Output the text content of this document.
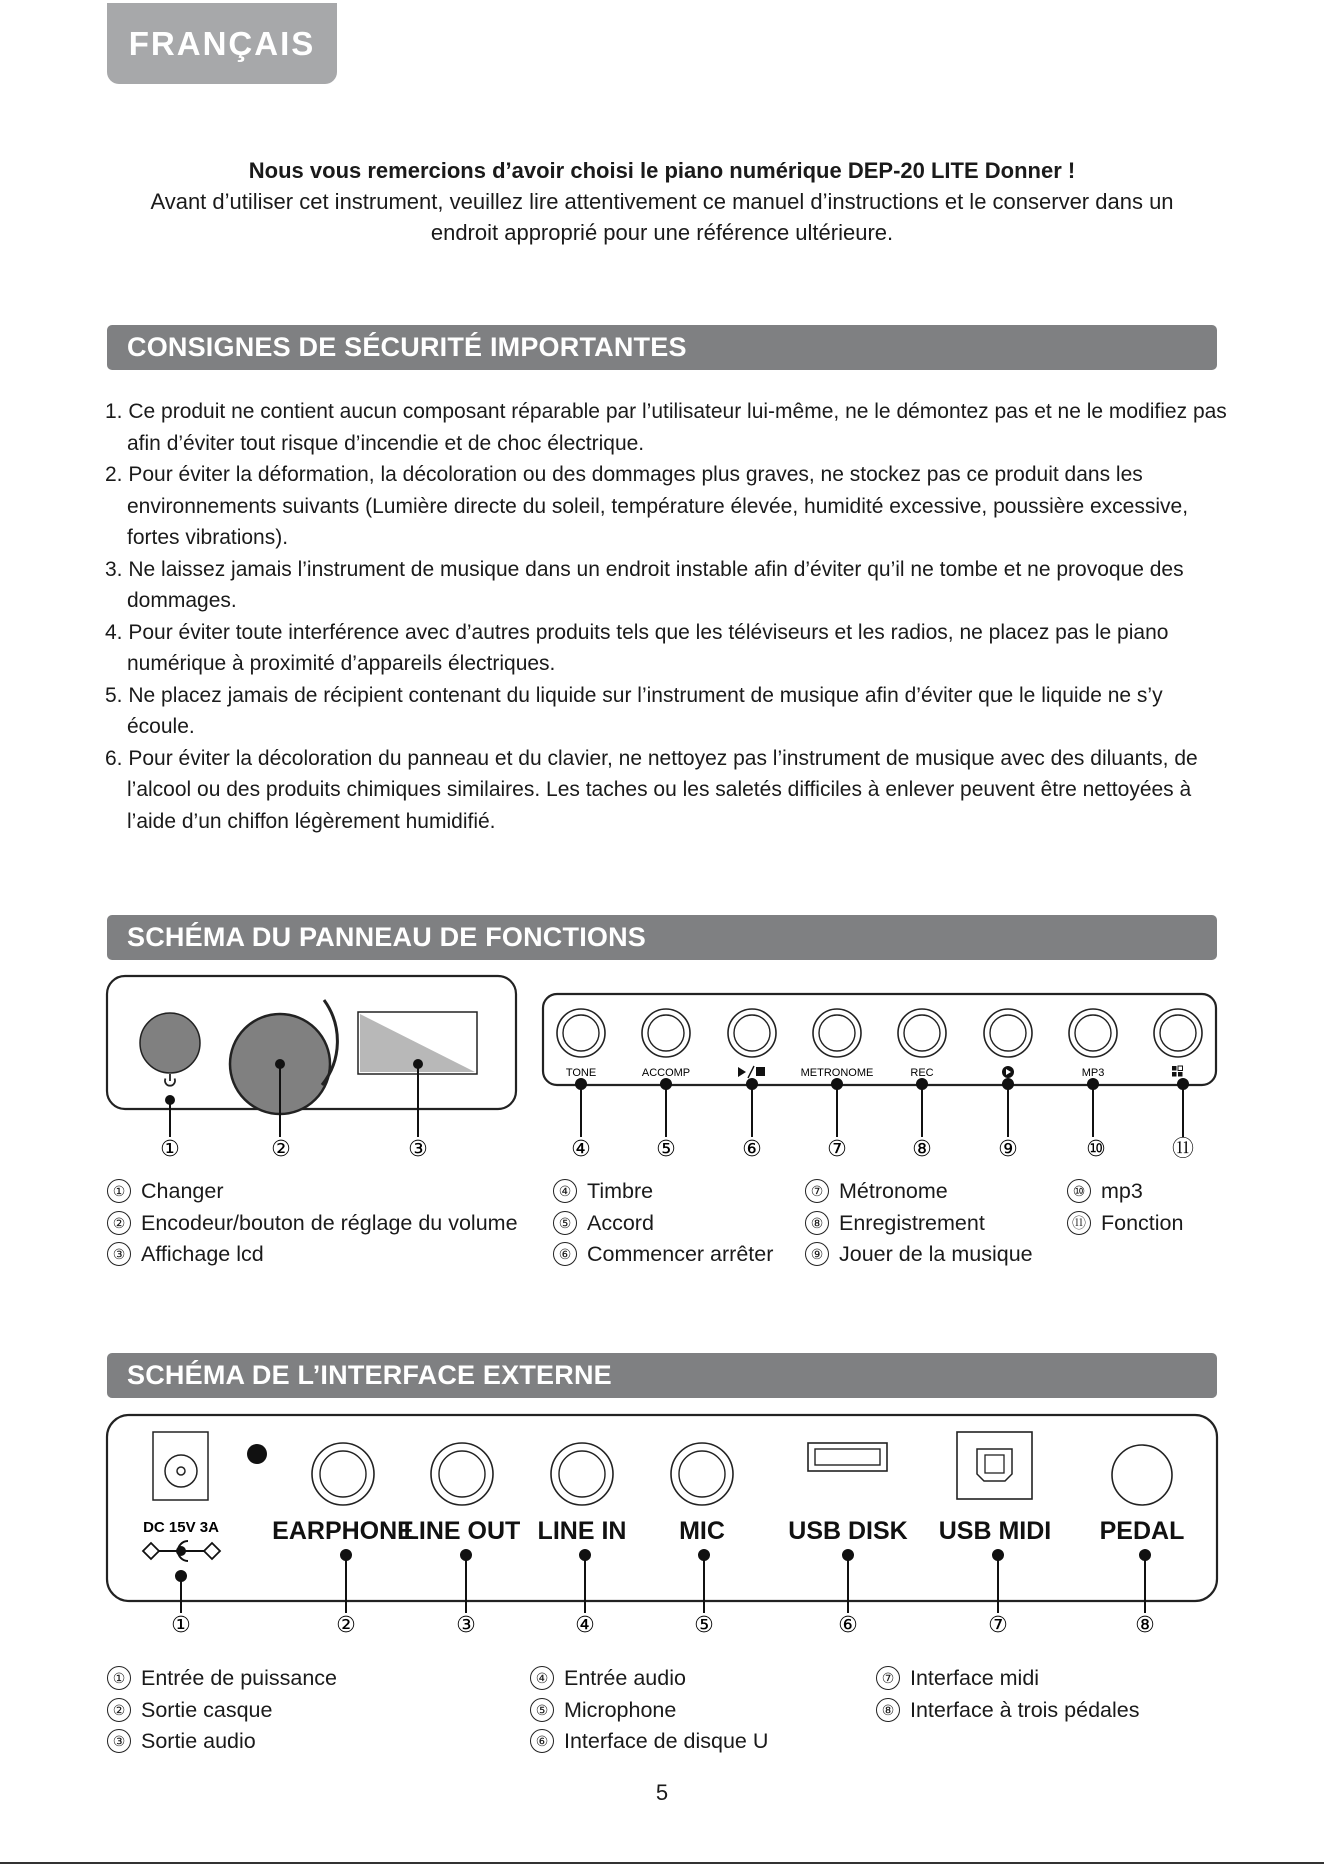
FRANÇAIS
Nous vous remercions d’avoir choisi le piano numérique DEP-20 LITE Donner !
Avant d’utiliser cet instrument, veuillez lire attentivement ce manuel d’instructions et le conserver dans un endroit approprié pour une référence ultérieure.
CONSIGNES DE SÉCURITÉ IMPORTANTES
1. Ce produit ne contient aucun composant réparable par l’utilisateur lui-même, ne le démontez pas et ne le modifiez pas afin d’éviter tout risque d’incendie et de choc électrique.
2. Pour éviter la déformation, la décoloration ou des dommages plus graves, ne stockez pas ce produit dans les environnements suivants (Lumière directe du soleil, température élevée, humidité excessive, poussière excessive, fortes vibrations).
3. Ne laissez jamais l’instrument de musique dans un endroit instable afin d’éviter qu’il ne tombe et ne provoque des dommages.
4. Pour éviter toute interférence avec d’autres produits tels que les téléviseurs et les radios, ne placez pas le piano numérique à proximité d’appareils électriques.
5. Ne placez jamais de récipient contenant du liquide sur l’instrument de musique afin d’éviter que le liquide ne s’y écoule.
6. Pour éviter la décoloration du panneau et du clavier, ne nettoyez pas l’instrument de musique avec des diluants, de l’alcool ou des produits chimiques similaires. Les taches ou les saletés difficiles à enlever peuvent être nettoyées à l’aide d’un chiffon légèrement humidifié.
SCHÉMA DU PANNEAU DE FONCTIONS
①	②	③
TONE	ACCOMP	METRONOME	REC	MP3
④	⑤	⑥	⑦	⑧	⑨	⑩	⑪
DC 15V 3A EARPHONE
LINE OUT LINE IN MIC	USB DISK USB MIDI PEDAL
①	②	③	④	⑤	⑥	⑦	⑧
① Changer
② Encodeur/bouton de réglage du volume
③ Affichage lcd
④ Timbre
⑤ Accord
⑥ Commencer arrêter
⑦ Métronome
⑧ Enregistrement
⑨ Jouer de la musique
⑩ mp3
⑪ Fonction
SCHÉMA DE L’INTERFACE EXTERNE
① Entrée de puissance
② Sortie casque
③ Sortie audio
④ Entrée audio
⑤ Microphone
⑥ Interface de disque U
⑦ Interface midi
⑧ Interface à trois pédales
5
